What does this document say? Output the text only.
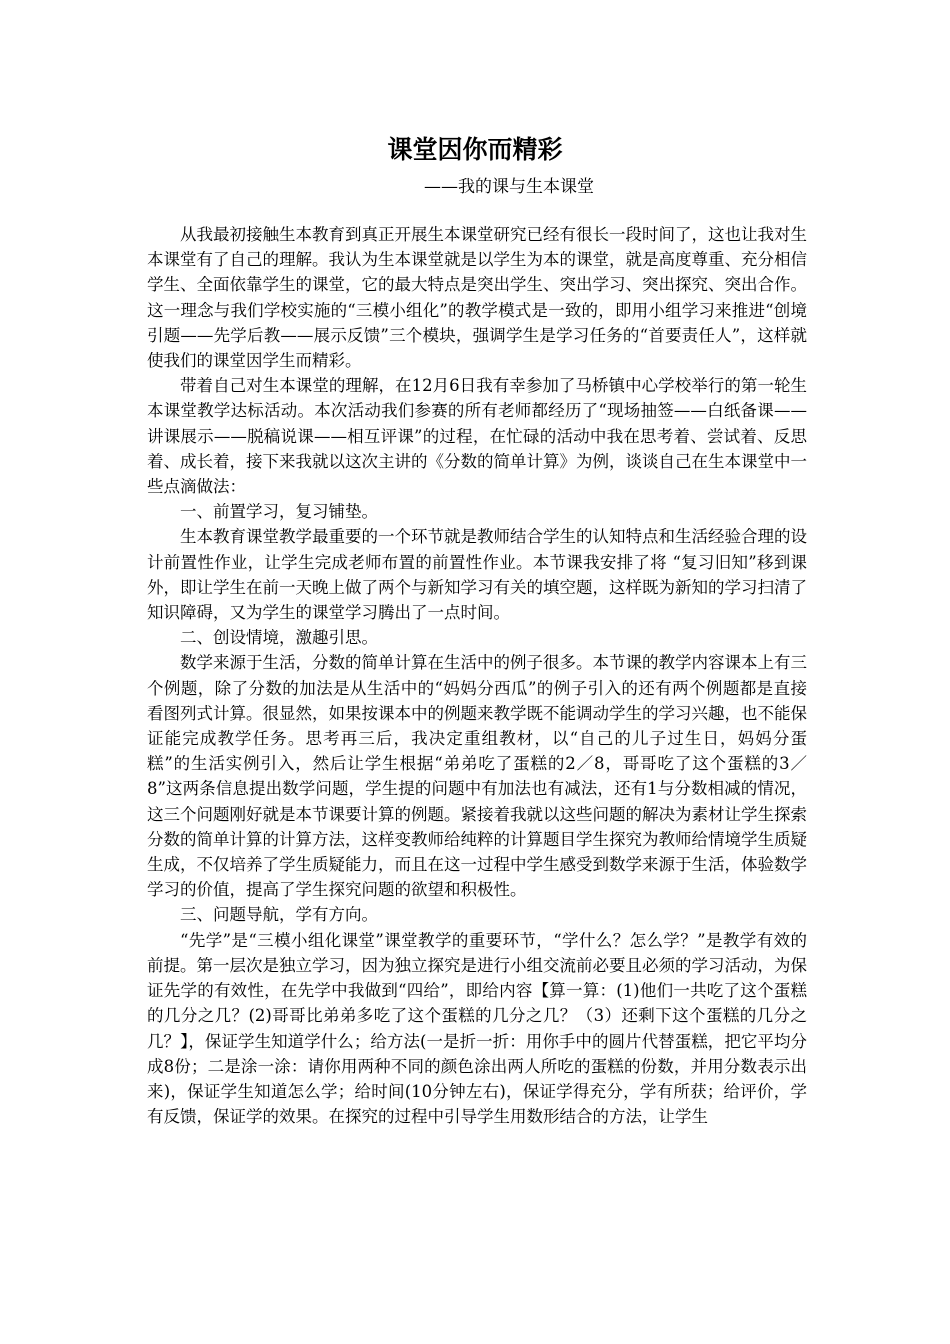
课堂因你而精彩
——我的课与生本课堂

从我最初接触生本教育到真正开展生本课堂研究已经有很长一段时间了，这也让我对生本课堂有了自己的理解。我认为生本课堂就是以学生为本的课堂，就是高度尊重、充分相信学生、全面依靠学生的课堂，它的最大特点是突出学生、突出学习、突出探究、突出合作。这一理念与我们学校实施的“三模小组化”的教学模式是一致的，即用小组学习来推进“创境引题——先学后教——展示反馈”三个模块，强调学生是学习任务的“首要责任人”，这样就使我们的课堂因学生而精彩。

带着自己对生本课堂的理解，在12月6日我有幸参加了马桥镇中心学校举行的第一轮生本课堂教学达标活动。本次活动我们参赛的所有老师都经历了“现场抽签——白纸备课——讲课展示——脱稿说课——相互评课”的过程，在忙碌的活动中我在思考着、尝试着、反思着、成长着，接下来我就以这次主讲的《分数的简单计算》为例，谈谈自己在生本课堂中一些点滴做法：

一、前置学习，复习铺垫。

生本教育课堂教学最重要的一个环节就是教师结合学生的认知特点和生活经验合理的设计前置性作业，让学生完成老师布置的前置性作业。本节课我安排了将 “复习旧知”移到课外，即让学生在前一天晚上做了两个与新知学习有关的填空题，这样既为新知的学习扫清了知识障碍，又为学生的课堂学习腾出了一点时间。

二、创设情境，激趣引思。

数学来源于生活，分数的简单计算在生活中的例子很多。本节课的教学内容课本上有三个例题，除了分数的加法是从生活中的“妈妈分西瓜”的例子引入的还有两个例题都是直接看图列式计算。很显然，如果按课本中的例题来教学既不能调动学生的学习兴趣，也不能保证能完成教学任务。思考再三后，我决定重组教材，以“自己的儿子过生日，妈妈分蛋糕”的生活实例引入，然后让学生根据“弟弟吃了蛋糕的2／8，哥哥吃了这个蛋糕的3／8”这两条信息提出数学问题，学生提的问题中有加法也有减法，还有1与分数相减的情况，这三个问题刚好就是本节课要计算的例题。紧接着我就以这些问题的解决为素材让学生探索分数的简单计算的计算方法，这样变教师给纯粹的计算题目学生探究为教师给情境学生质疑生成，不仅培养了学生质疑能力，而且在这一过程中学生感受到数学来源于生活，体验数学学习的价值，提高了学生探究问题的欲望和积极性。

三、问题导航，学有方向。

“先学”是“三模小组化课堂”课堂教学的重要环节，“学什么？怎么学？”是教学有效的前提。第一层次是独立学习，因为独立探究是进行小组交流前必要且必须的学习活动，为保证先学的有效性，在先学中我做到“四给”，即给内容【算一算：(1)他们一共吃了这个蛋糕的几分之几？(2)哥哥比弟弟多吃了这个蛋糕的几分之几？（3）还剩下这个蛋糕的几分之几？】，保证学生知道学什么；给方法(一是折一折：用你手中的圆片代替蛋糕，把它平均分成8份；二是涂一涂：请你用两种不同的颜色涂出两人所吃的蛋糕的份数，并用分数表示出来)，保证学生知道怎么学；给时间(10分钟左右)，保证学得充分，学有所获；给评价，学有反馈，保证学的效果。在探究的过程中引导学生用数形结合的方法，让学生
